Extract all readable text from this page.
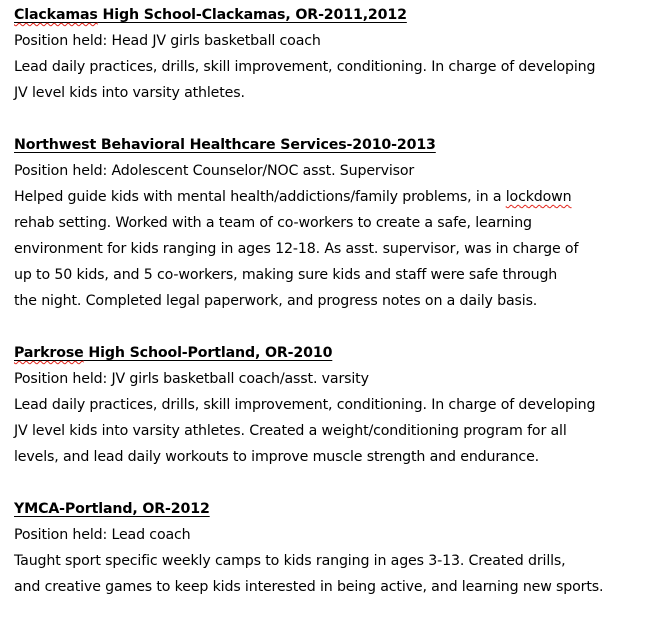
Clackamas High School-Clackamas, OR-2011,2012
Position held: Head JV girls basketball coach
Lead daily practices, drills, skill improvement, conditioning. In charge of developing
JV level kids into varsity athletes.
Northwest Behavioral Healthcare Services-2010-2013
Position held: Adolescent Counselor/NOC asst. Supervisor
Helped guide kids with mental health/addictions/family problems, in a lockdown
rehab setting. Worked with a team of co-workers to create a safe, learning
environment for kids ranging in ages 12-18. As asst. supervisor, was in charge of
up to 50 kids, and 5 co-workers, making sure kids and staff were safe through
the night. Completed legal paperwork, and progress notes on a daily basis.
Parkrose High School-Portland, OR-2010
Position held: JV girls basketball coach/asst. varsity
Lead daily practices, drills, skill improvement, conditioning. In charge of developing
JV level kids into varsity athletes. Created a weight/conditioning program for all
levels, and lead daily workouts to improve muscle strength and endurance.
YMCA-Portland, OR-2012
Position held: Lead coach
Taught sport specific weekly camps to kids ranging in ages 3-13. Created drills,
and creative games to keep kids interested in being active, and learning new sports.
